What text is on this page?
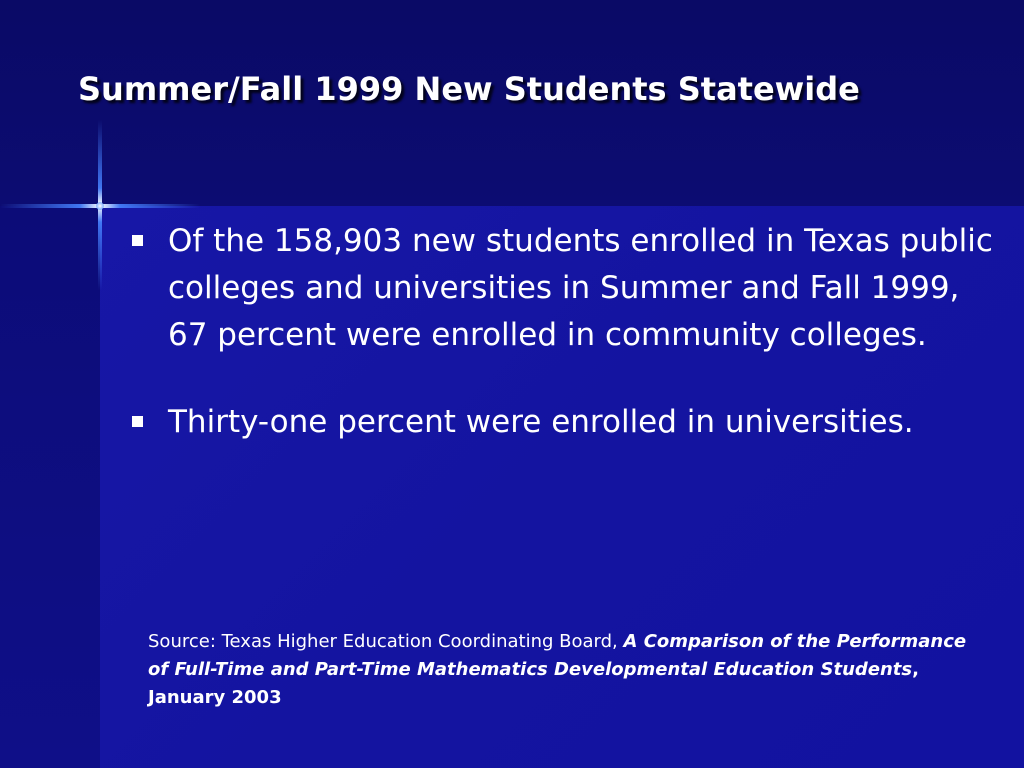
Summer/Fall 1999 New Students Statewide
Of the 158,903 new students enrolled in Texas public colleges and universities in Summer and Fall 1999, 67 percent were enrolled in community colleges.
Thirty-one percent were enrolled in universities.

Source: Texas Higher Education Coordinating Board, A Comparison of the Performance of Full-Time and Part-Time Mathematics Developmental Education Students, January 2003
